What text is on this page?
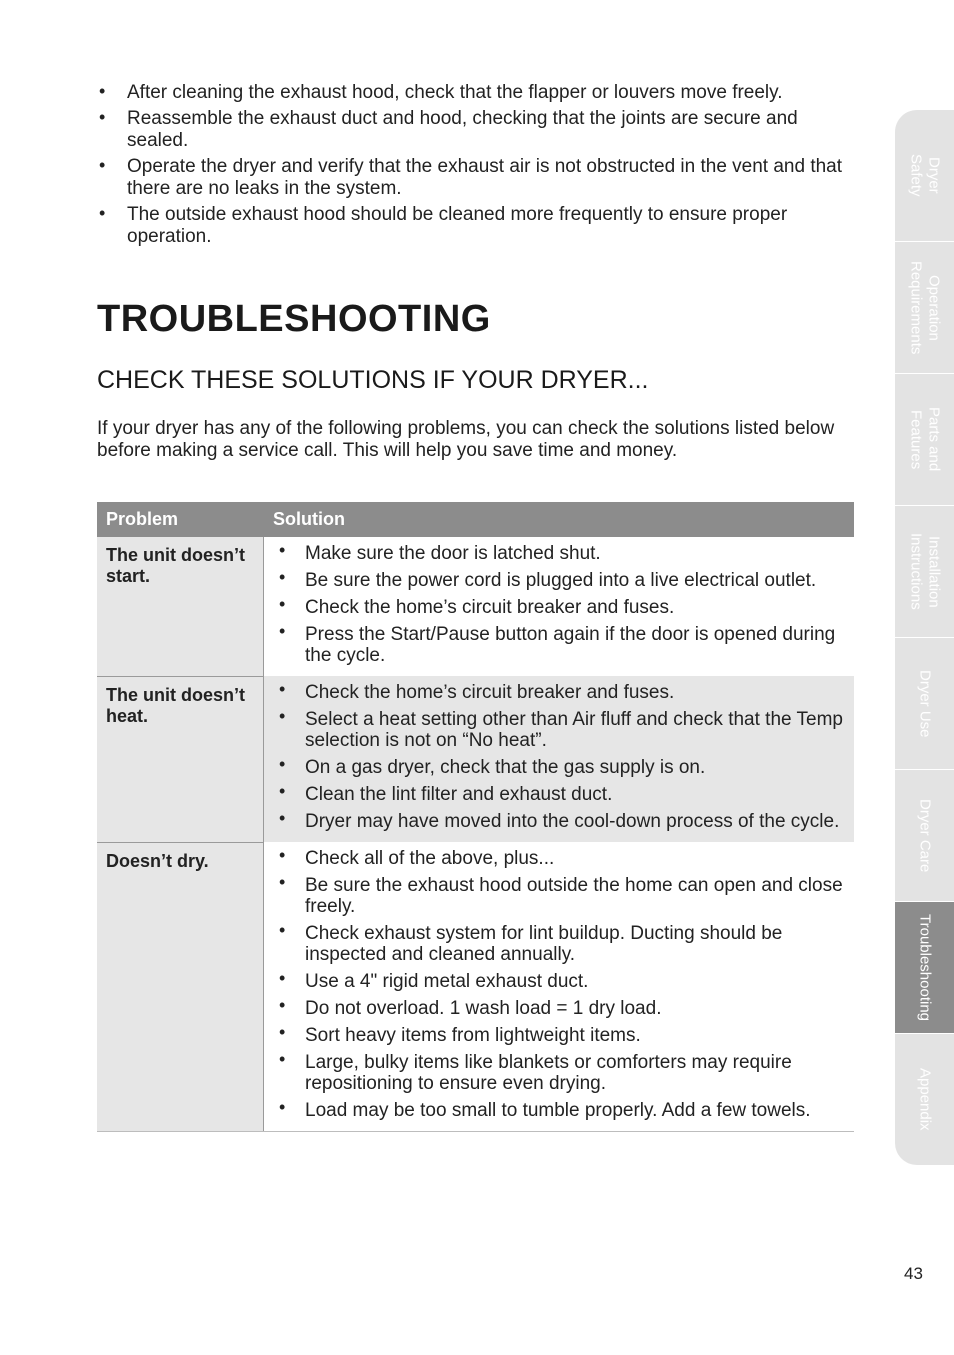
• After cleaning the exhaust hood, check that the flapper or louvers move freely.
• Reassemble the exhaust duct and hood, checking that the joints are secure and sealed.
• Operate the dryer and verify that the exhaust air is not obstructed in the vent and that there are no leaks in the system.
• The outside exhaust hood should be cleaned more frequently to ensure proper operation.
TROUBLESHOOTING
CHECK THESE SOLUTIONS IF YOUR DRYER...

If your dryer has any of the following problems, you can check the solutions listed below before making a service call. This will help you save time and money.

Problem	Solution
The unit doesn’t start.
• Make sure the door is latched shut.
• Be sure the power cord is plugged into a live electrical outlet.
• Check the home’s circuit breaker and fuses.
• Press the Start/Pause button again if the door is opened during the cycle.
The unit doesn’t heat.
• Check the home’s circuit breaker and fuses.
• Select a heat setting other than Air fluff and check that the Temp selection is not on “No heat”.
• On a gas dryer, check that the gas supply is on.
• Clean the lint filter and exhaust duct.
• Dryer may have moved into the cool-down process of the cycle.
Doesn’t dry.
•	Check all of the above, plus...
• Be sure the exhaust hood outside the home can open and close freely.
• Check exhaust system for lint buildup. Ducting should be inspected and cleaned annually.
• Use a 4" rigid metal exhaust duct.
• Do not overload. 1 wash load = 1 dry load.
• Sort heavy items from lightweight items.
• Large, bulky items like blankets or comforters may require repositioning to ensure even drying.
• Load may be too small to tumble properly. Add a few towels.
Dryer
Safety
Operation
Requirements
Parts and
Features
Installation
Instructions
Dryer Use
Dryer Care
Troubleshooting
Appendix
43
